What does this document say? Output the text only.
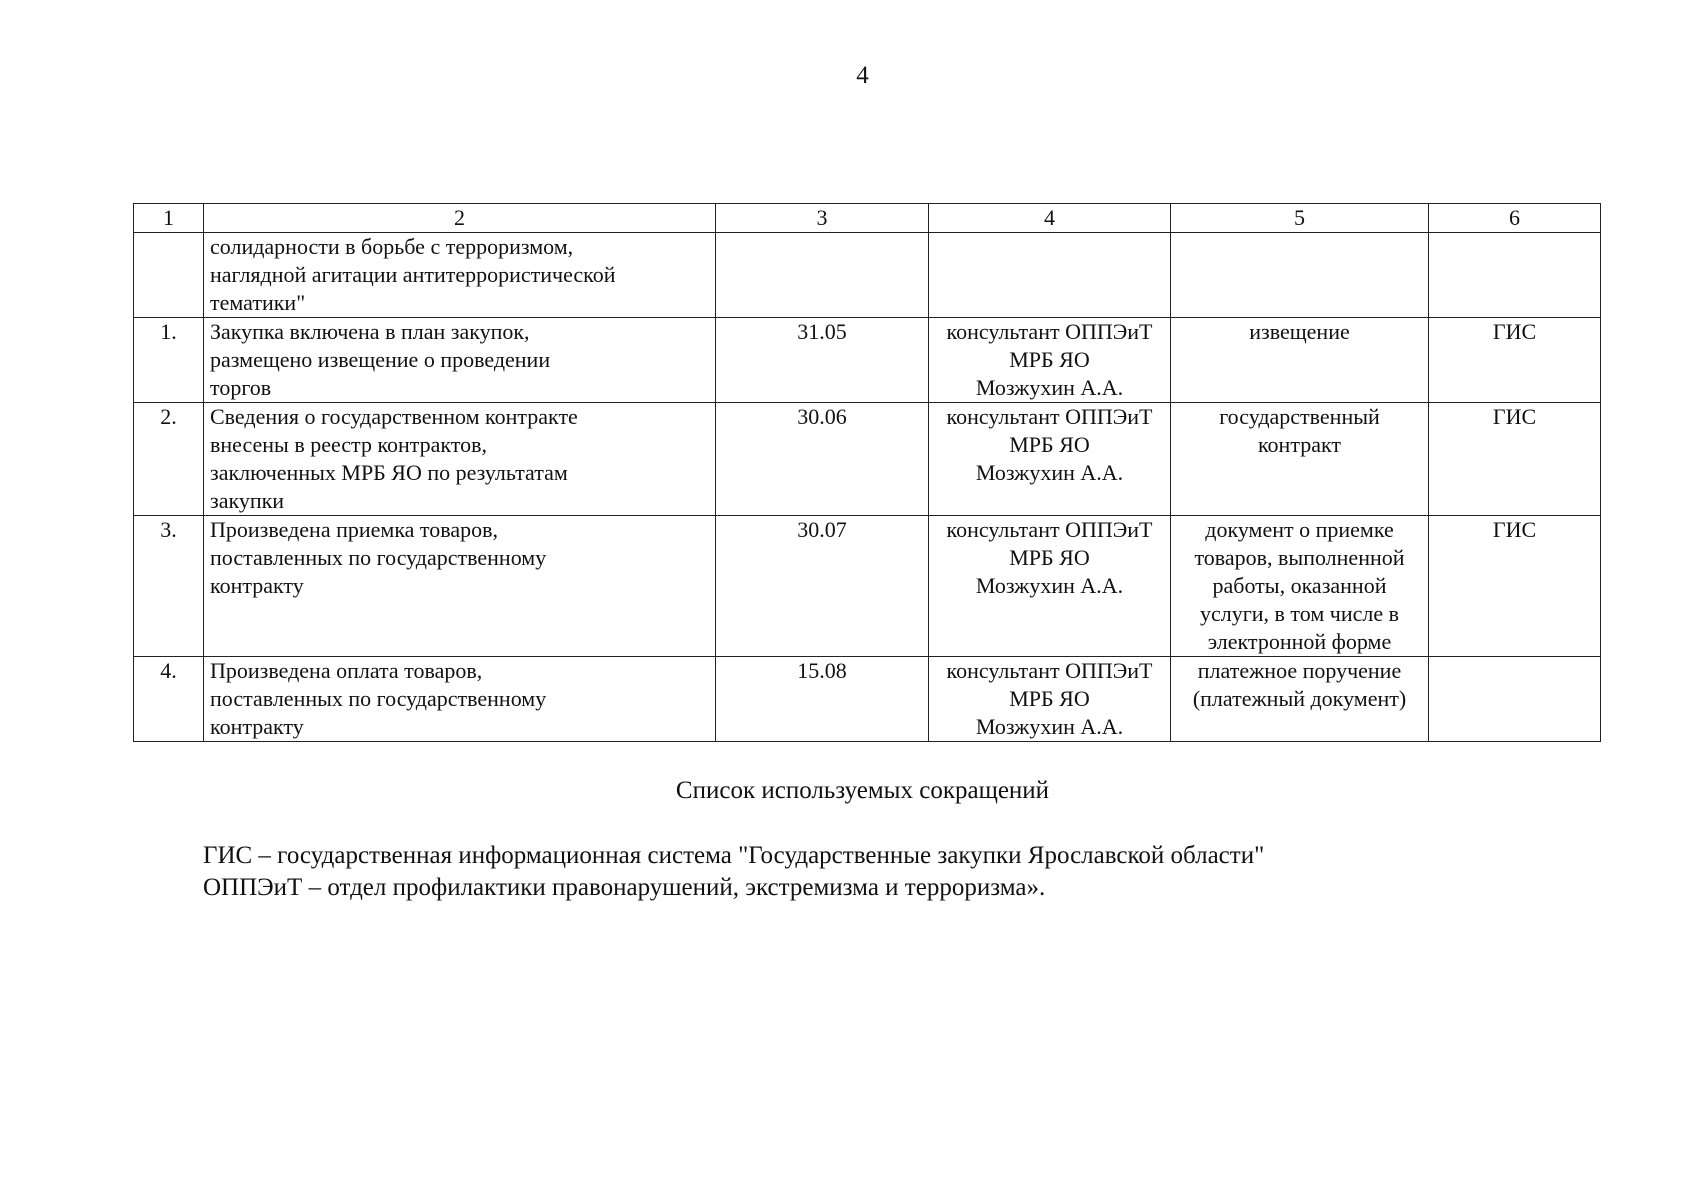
4
1	2	3	4	5	6
	солидарности в борьбе с терроризмом,
наглядной агитации антитеррористической
тематики"				
1.	Закупка включена в план закупок,
размещено извещение о проведении
торгов	31.05	консультант ОППЭиТ
МРБ ЯО
Мозжухин А.А.	извещение	ГИС
2.	Сведения о государственном контракте
внесены в реестр контрактов,
заключенных МРБ ЯО по результатам
закупки	30.06	консультант ОППЭиТ
МРБ ЯО
Мозжухин А.А.	государственный
контракт	ГИС
3.	Произведена приемка товаров,
поставленных по государственному
контракту	30.07	консультант ОППЭиТ
МРБ ЯО
Мозжухин А.А.	документ о приемке
товаров, выполненной
работы, оказанной
услуги, в том числе в
электронной форме	ГИС
4.	Произведена оплата товаров,
поставленных по государственному
контракту	15.08	консультант ОППЭиТ
МРБ ЯО
Мозжухин А.А.	платежное поручение
(платежный документ)	
Список используемых сокращений
ГИС – государственная информационная система "Государственные закупки Ярославской области"
ОППЭиТ – отдел профилактики правонарушений, экстремизма и терроризма».
